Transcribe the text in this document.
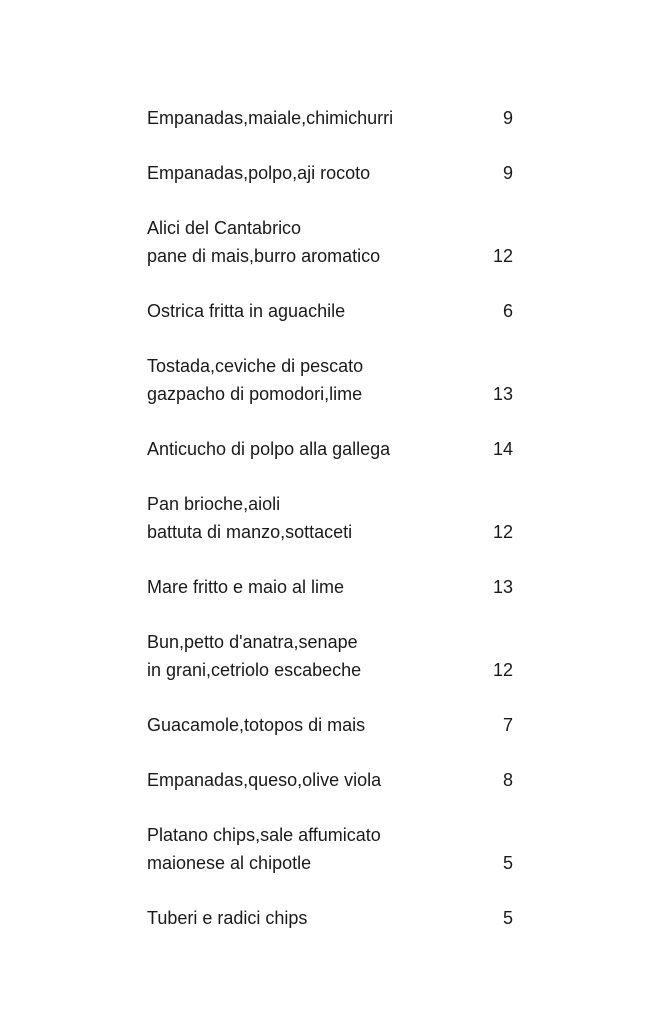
Empanadas,maiale,chimichurri	9
Empanadas,polpo,aji rocoto	9
Alici del Cantabrico
pane di mais,burro aromatico	12
Ostrica fritta in aguachile	6
Tostada,ceviche di pescato
gazpacho di pomodori,lime	13
Anticucho di polpo alla gallega	14
Pan brioche,aioli
battuta di manzo,sottaceti	12
Mare fritto e maio al lime	13
Bun,petto d'anatra,senape
in grani,cetriolo escabeche	12
Guacamole,totopos di mais	7
Empanadas,queso,olive viola	8
Platano chips,sale affumicato
maionese al chipotle	5
Tuberi e radici chips	5
